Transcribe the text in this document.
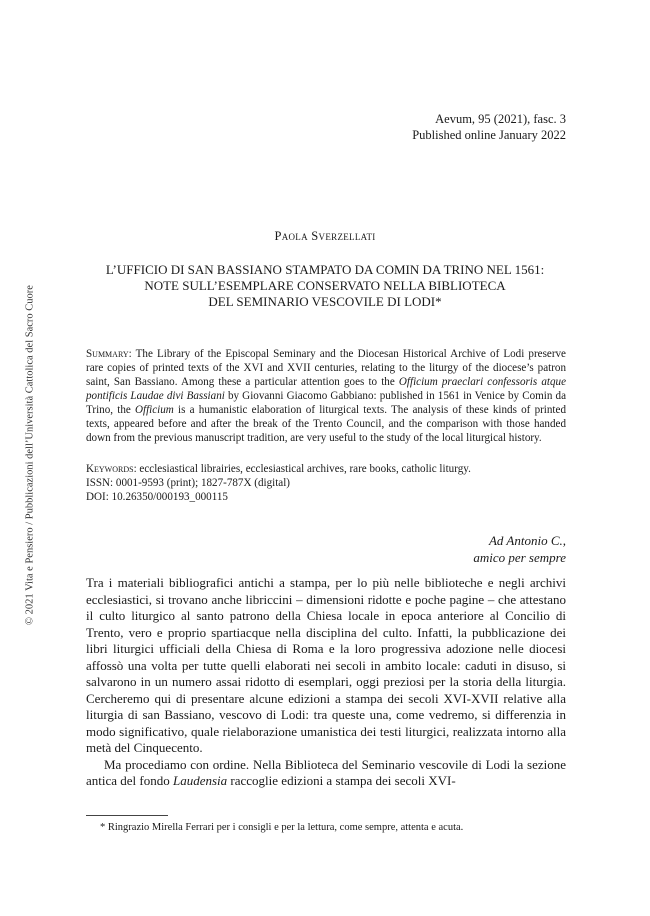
© 2021 Vita e Pensiero / Pubblicazioni dell’Università Cattolica del Sacro Cuore
Aevum, 95 (2021), fasc. 3
Published online January 2022
Paola Sverzellati
L’UFFICIO DI SAN BASSIANO STAMPATO DA COMIN DA TRINO NEL 1561:
NOTE SULL’ESEMPLARE CONSERVATO NELLA BIBLIOTECA
DEL SEMINARIO VESCOVILE DI LODI*
Summary: The Library of the Episcopal Seminary and the Diocesan Historical Archive of Lodi preserve rare copies of printed texts of the XVI and XVII centuries, relating to the liturgy of the diocese’s patron saint, San Bassiano. Among these a particular attention goes to the Officium praeclari confessoris atque pontificis Laudae divi Bassiani by Giovanni Giacomo Gabbiano: published in 1561 in Venice by Comin da Trino, the Officium is a humanistic elaboration of liturgical texts. The analysis of these kinds of printed texts, appeared before and after the break of the Trento Council, and the comparison with those handed down from the previous manuscript tradition, are very useful to the study of the local liturgical history.
Keywords: ecclesiastical librairies, ecclesiastical archives, rare books, catholic liturgy.
ISSN: 0001-9593 (print); 1827-787X (digital)
DOI: 10.26350/000193_000115
Ad Antonio C.,
amico per sempre

Tra i materiali bibliografici antichi a stampa, per lo più nelle biblioteche e negli archivi ecclesiastici, si trovano anche libriccini – dimensioni ridotte e poche pagine – che attestano il culto liturgico al santo patrono della Chiesa locale in epoca anteriore al Concilio di Trento, vero e proprio spartiacque nella disciplina del culto. Infatti, la pubblicazione dei libri liturgici ufficiali della Chiesa di Roma e la loro progressiva adozione nelle diocesi affossò una volta per tutte quelli elaborati nei secoli in ambito locale: caduti in disuso, si salvarono in un numero assai ridotto di esemplari, oggi preziosi per la storia della liturgia. Cercheremo qui di presentare alcune edizioni a stampa dei secoli XVI-XVII relative alla liturgia di san Bassiano, vescovo di Lodi: tra queste una, come vedremo, si differenzia in modo significativo, quale rielaborazione umanistica dei testi liturgici, realizzata intorno alla metà del Cinquecento.

Ma procediamo con ordine. Nella Biblioteca del Seminario vescovile di Lodi la sezione antica del fondo Laudensia raccoglie edizioni a stampa dei secoli XVI-

* Ringrazio Mirella Ferrari per i consigli e per la lettura, come sempre, attenta e acuta.
